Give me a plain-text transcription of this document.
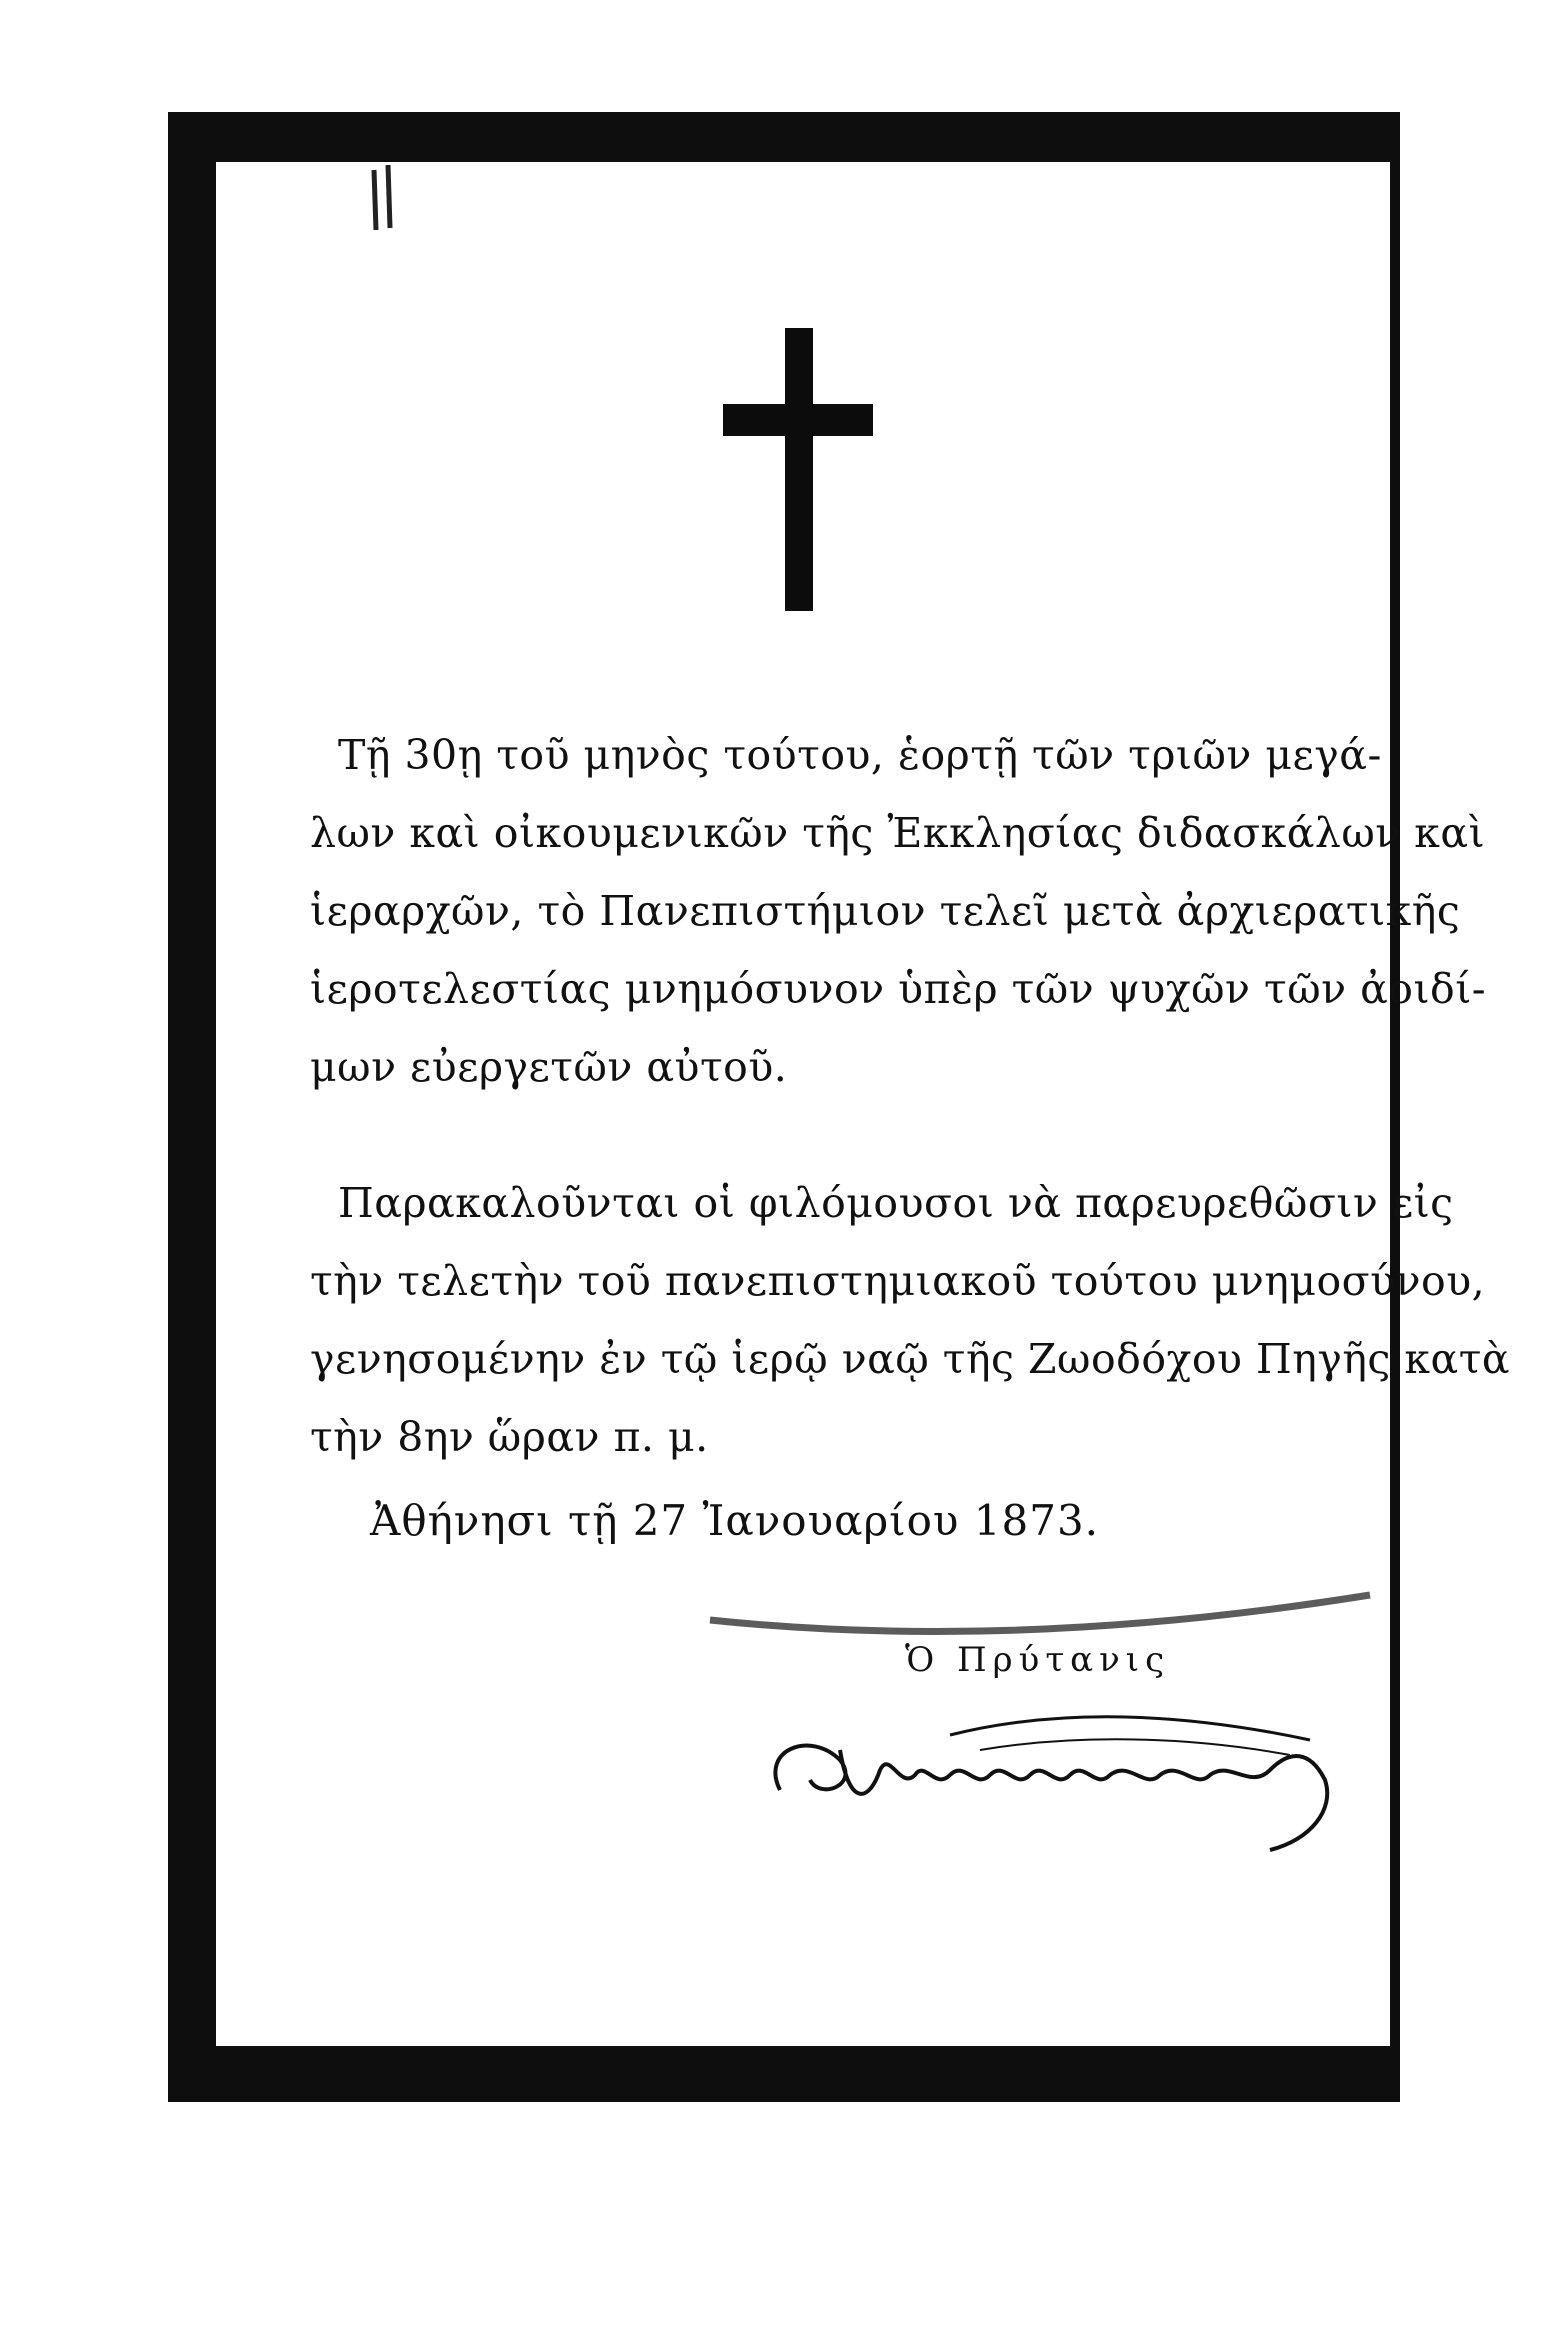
Τῇ 30ῃ τοῦ μηνὸς τούτου, ἑορτῇ τῶν τριῶν μεγά-
λων καὶ οἰκουμενικῶν τῆς Ἐκκλησίας διδασκάλων καὶ
ἱεραρχῶν, τὸ Πανεπιστήμιον τελεῖ μετὰ ἀρχιερατικῆς
ἱεροτελεστίας μνημόσυνον ὑπὲρ τῶν ψυχῶν τῶν ἀοιδί-
μων εὐεργετῶν αὐτοῦ.
Παρακαλοῦνται οἱ φιλόμουσοι νὰ παρευρεθῶσιν εἰς
τὴν τελετὴν τοῦ πανεπιστημιακοῦ τούτου μνημοσύνου,
γενησομένην ἐν τῷ ἱερῷ ναῷ τῆς Ζωοδόχου Πηγῆς κατὰ
τὴν 8ην ὥραν π. μ.
Ἀθήνησι τῇ 27 Ἰανουαρίου 1873.
Ὁ Πρύτανις
